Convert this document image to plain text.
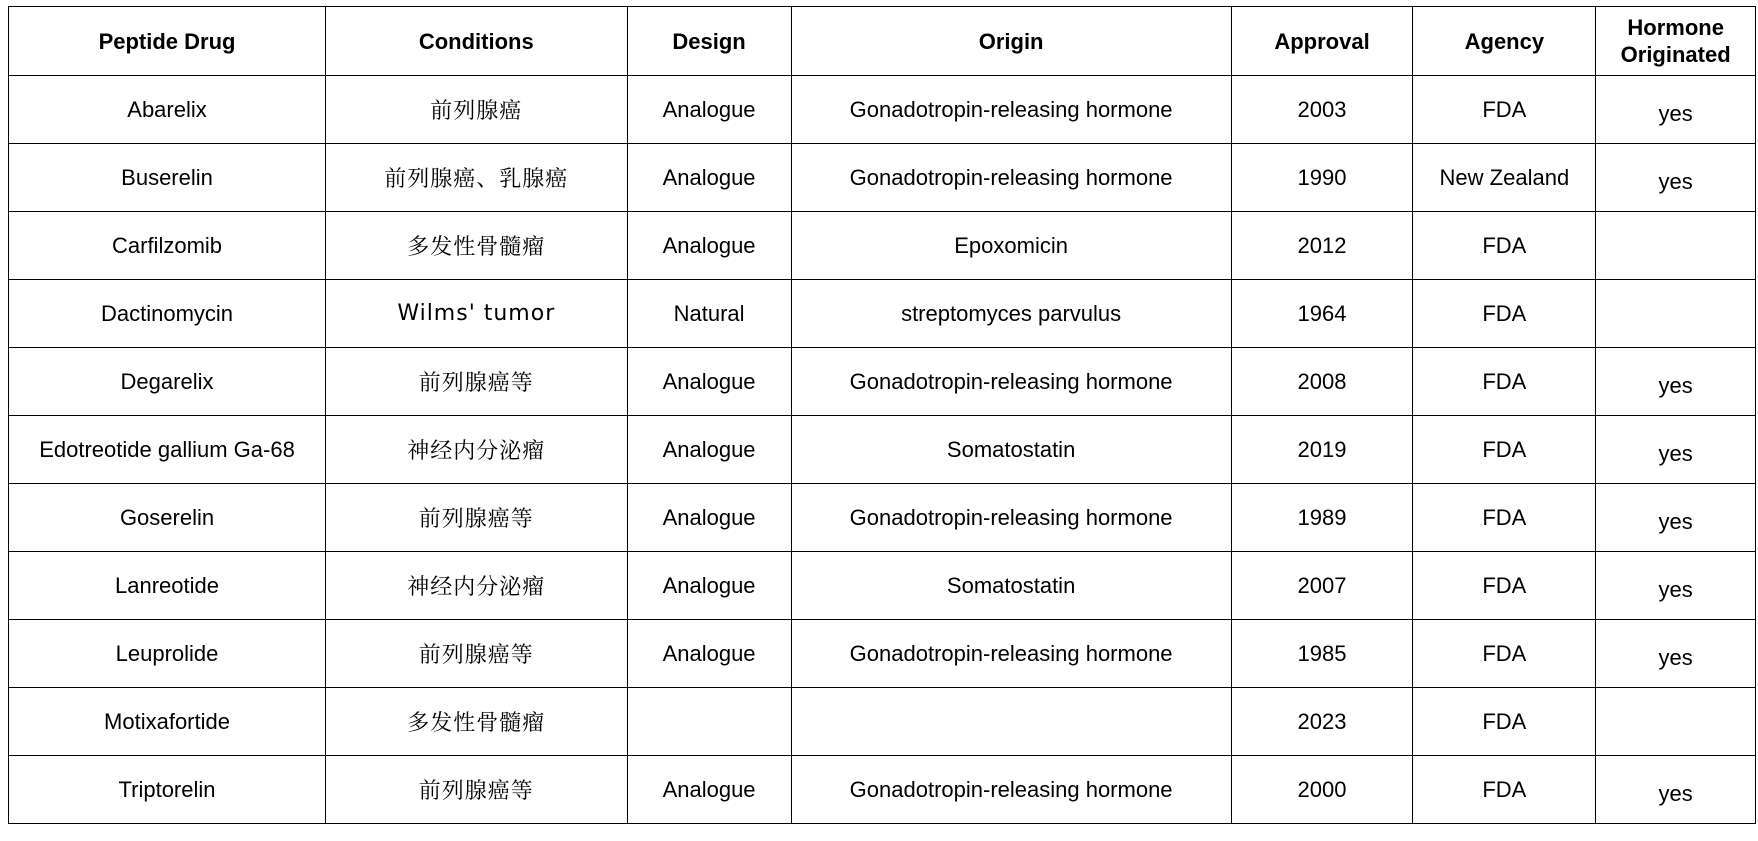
Peptide Drug	Conditions	Design	Origin	Approval	Agency	Hormone Originated
Abarelix	前列腺癌	Analogue	Gonadotropin-releasing hormone	2003	FDA	yes
Buserelin	前列腺癌、乳腺癌	Analogue	Gonadotropin-releasing hormone	1990	New Zealand	yes
Carfilzomib	多发性骨髓瘤	Analogue	Epoxomicin	2012	FDA	
Dactinomycin	Wilms' tumor	Natural	streptomyces parvulus	1964	FDA	
Degarelix	前列腺癌等	Analogue	Gonadotropin-releasing hormone	2008	FDA	yes
Edotreotide gallium Ga-68	神经内分泌瘤	Analogue	Somatostatin	2019	FDA	yes
Goserelin	前列腺癌等	Analogue	Gonadotropin-releasing hormone	1989	FDA	yes
Lanreotide	神经内分泌瘤	Analogue	Somatostatin	2007	FDA	yes
Leuprolide	前列腺癌等	Analogue	Gonadotropin-releasing hormone	1985	FDA	yes
Motixafortide	多发性骨髓瘤			2023	FDA	
Triptorelin	前列腺癌等	Analogue	Gonadotropin-releasing hormone	2000	FDA	yes
